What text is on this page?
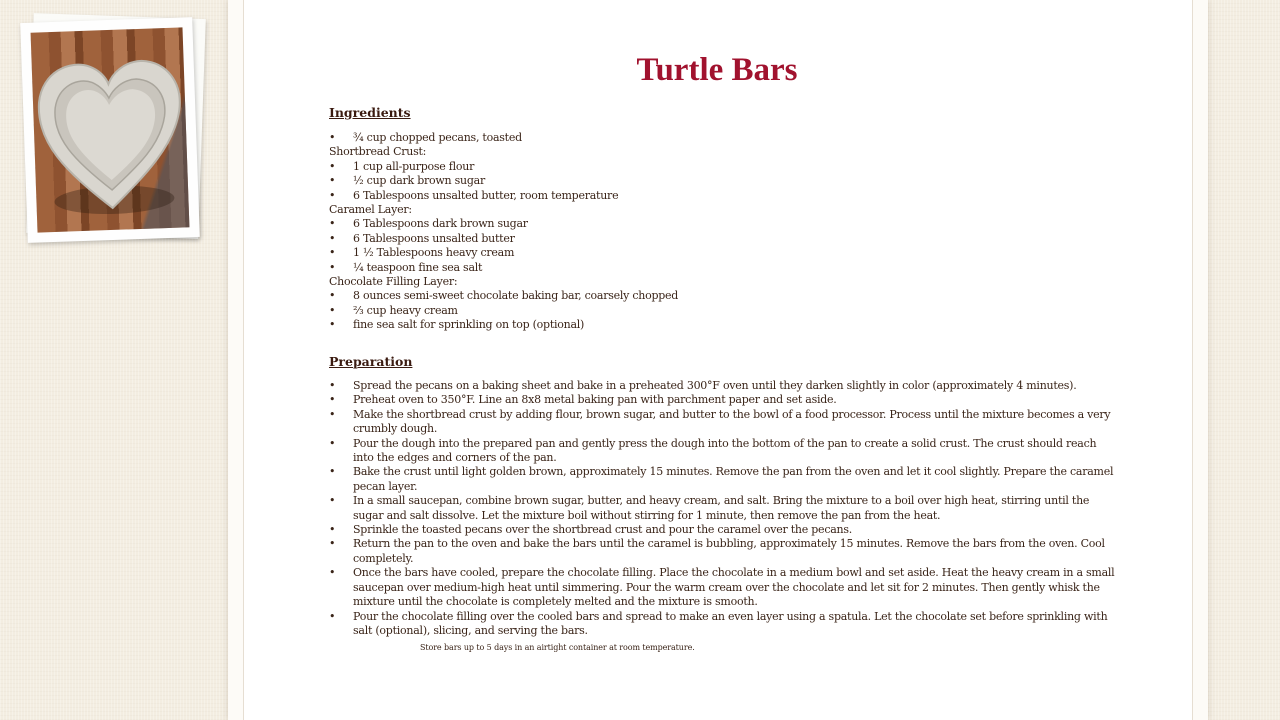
Turtle Bars
Ingredients
• ¾ cup chopped pecans, toasted
Shortbread Crust:
• 1 cup all-purpose flour
• ½ cup dark brown sugar
• 6 Tablespoons unsalted butter, room temperature
Caramel Layer:
• 6 Tablespoons dark brown sugar
• 6 Tablespoons unsalted butter
• 1 ½ Tablespoons heavy cream
• ¼ teaspoon fine sea salt
Chocolate Filling Layer:
• 8 ounces semi-sweet chocolate baking bar, coarsely chopped
• ⅔ cup heavy cream
• fine sea salt for sprinkling on top (optional)
Preparation
• Spread the pecans on a baking sheet and bake in a preheated 300°F oven until they darken slightly in color (approximately 4 minutes).
• Preheat oven to 350°F. Line an 8x8 metal baking pan with parchment paper and set aside.
• Make the shortbread crust by adding flour, brown sugar, and butter to the bowl of a food processor. Process until the mixture becomes a very crumbly dough.
• Pour the dough into the prepared pan and gently press the dough into the bottom of the pan to create a solid crust. The crust should reach into the edges and corners of the pan.
• Bake the crust until light golden brown, approximately 15 minutes. Remove the pan from the oven and let it cool slightly. Prepare the caramel pecan layer.
• In a small saucepan, combine brown sugar, butter, and heavy cream, and salt. Bring the mixture to a boil over high heat, stirring until the sugar and salt dissolve. Let the mixture boil without stirring for 1 minute, then remove the pan from the heat.
• Sprinkle the toasted pecans over the shortbread crust and pour the caramel over the pecans.
• Return the pan to the oven and bake the bars until the caramel is bubbling, approximately 15 minutes. Remove the bars from the oven. Cool completely.
• Once the bars have cooled, prepare the chocolate filling. Place the chocolate in a medium bowl and set aside. Heat the heavy cream in a small saucepan over medium-high heat until simmering. Pour the warm cream over the chocolate and let sit for 2 minutes. Then gently whisk the mixture until the chocolate is completely melted and the mixture is smooth.
• Pour the chocolate filling over the cooled bars and spread to make an even layer using a spatula. Let the chocolate set before sprinkling with salt (optional), slicing, and serving the bars.
Store bars up to 5 days in an airtight container at room temperature.
